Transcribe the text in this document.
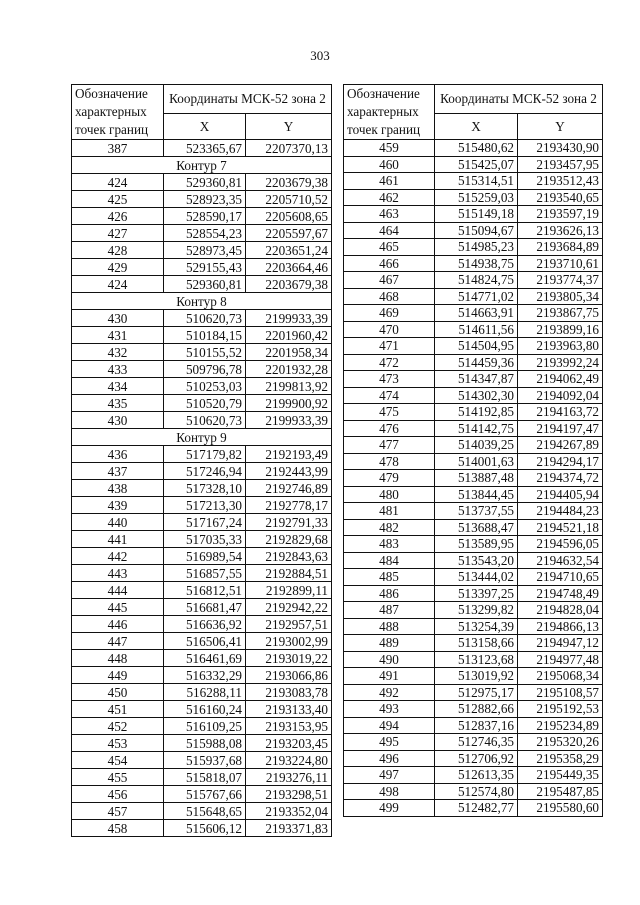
303
Обозначение характерных точек границ	Координаты МСК-52 зона 2	
	X	Y
387	523365,67	2207370,13
Контур 7		
424	529360,81	2203679,38
425	528923,35	2205710,52
426	528590,17	2205608,65
427	528554,23	2205597,67
428	528973,45	2203651,24
429	529155,43	2203664,46
424	529360,81	2203679,38
Контур 8		
430	510620,73	2199933,39
431	510184,15	2201960,42
432	510155,52	2201958,34
433	509796,78	2201932,28
434	510253,03	2199813,92
435	510520,79	2199900,92
430	510620,73	2199933,39
Контур 9		
436	517179,82	2192193,49
437	517246,94	2192443,99
438	517328,10	2192746,89
439	517213,30	2192778,17
440	517167,24	2192791,33
441	517035,33	2192829,68
442	516989,54	2192843,63
443	516857,55	2192884,51
444	516812,51	2192899,11
445	516681,47	2192942,22
446	516636,92	2192957,51
447	516506,41	2193002,99
448	516461,69	2193019,22
449	516332,29	2193066,86
450	516288,11	2193083,78
451	516160,24	2193133,40
452	516109,25	2193153,95
453	515988,08	2193203,45
454	515937,68	2193224,80
455	515818,07	2193276,11
456	515767,66	2193298,51
457	515648,65	2193352,04
458	515606,12	2193371,83
Обозначение характерных точек границ	Координаты МСК-52 зона 2	
	X	Y
459	515480,62	2193430,90
460	515425,07	2193457,95
461	515314,51	2193512,43
462	515259,03	2193540,65
463	515149,18	2193597,19
464	515094,67	2193626,13
465	514985,23	2193684,89
466	514938,75	2193710,61
467	514824,75	2193774,37
468	514771,02	2193805,34
469	514663,91	2193867,75
470	514611,56	2193899,16
471	514504,95	2193963,80
472	514459,36	2193992,24
473	514347,87	2194062,49
474	514302,30	2194092,04
475	514192,85	2194163,72
476	514142,75	2194197,47
477	514039,25	2194267,89
478	514001,63	2194294,17
479	513887,48	2194374,72
480	513844,45	2194405,94
481	513737,55	2194484,23
482	513688,47	2194521,18
483	513589,95	2194596,05
484	513543,20	2194632,54
485	513444,02	2194710,65
486	513397,25	2194748,49
487	513299,82	2194828,04
488	513254,39	2194866,13
489	513158,66	2194947,12
490	513123,68	2194977,48
491	513019,92	2195068,34
492	512975,17	2195108,57
493	512882,66	2195192,53
494	512837,16	2195234,89
495	512746,35	2195320,26
496	512706,92	2195358,29
497	512613,35	2195449,35
498	512574,80	2195487,85
499	512482,77	2195580,60
